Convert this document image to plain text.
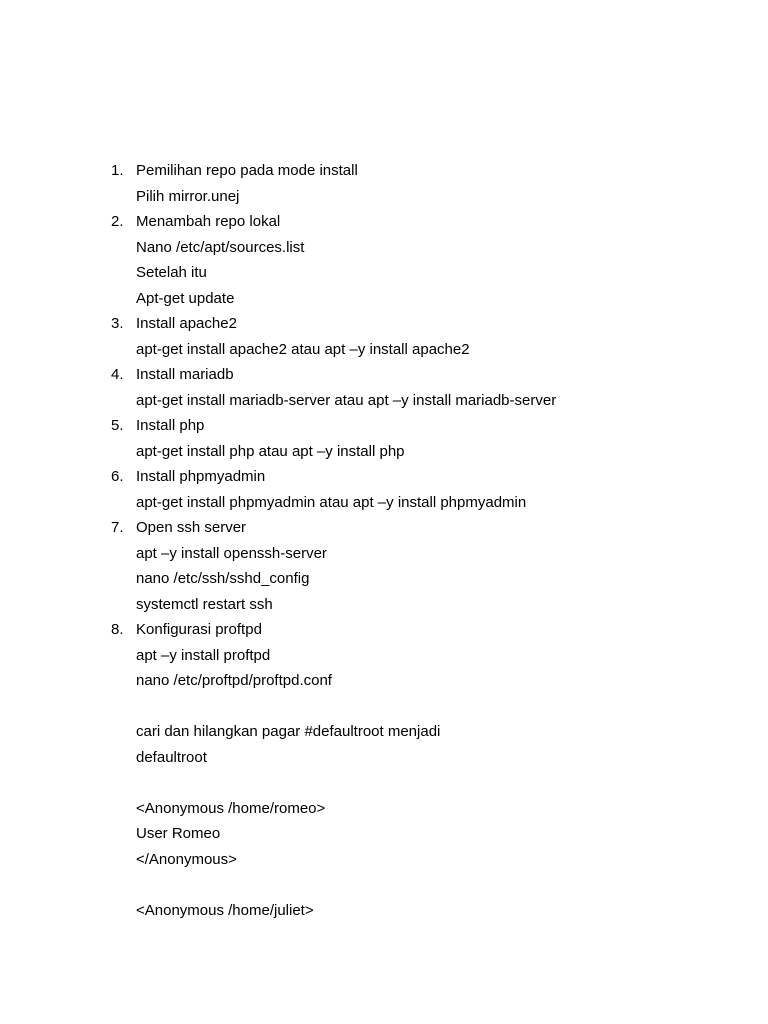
1. Pemilihan repo pada mode install
Pilih mirror.unej
2. Menambah repo lokal
Nano /etc/apt/sources.list
Setelah itu
Apt-get update
3. Install apache2
apt-get install apache2 atau apt –y install apache2
4. Install mariadb
apt-get install mariadb-server atau apt –y install mariadb-server
5. Install php
apt-get install php atau apt –y install php
6. Install phpmyadmin
apt-get install phpmyadmin atau apt –y install phpmyadmin
7. Open ssh server
apt –y install openssh-server
nano /etc/ssh/sshd_config
systemctl restart ssh
8. Konfigurasi proftpd
apt –y install proftpd
nano /etc/proftpd/proftpd.conf
cari dan hilangkan pagar #defaultroot menjadi
defaultroot
<Anonymous /home/romeo>
User Romeo
</Anonymous>
<Anonymous /home/juliet>
